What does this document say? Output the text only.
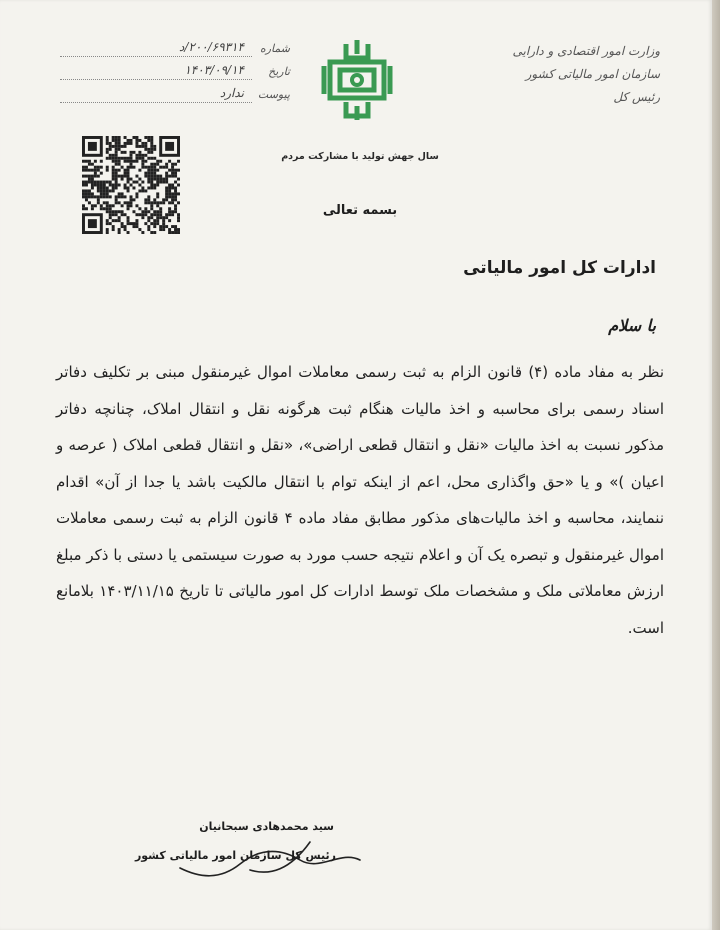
وزارت امور اقتصادی و دارایی
سازمان امور مالیاتی کشور
رئیس کل
سال جهش تولید با مشارکت مردم
شماره
۲۰۰/۶۹۳۱۴/د
تاریخ
۱۴۰۳/۰۹/۱۴
پیوست
ندارد
بسمه تعالی
ادارات کل امور مالیاتی
با سلام
نظر به مفاد ماده (۴) قانون الزام به ثبت رسمی معاملات اموال غیرمنقول مبنی بر تکلیف دفاتر اسناد رسمی برای محاسبه و اخذ مالیات هنگام ثبت هرگونه نقل و انتقال املاک، چنانچه دفاتر مذکور نسبت به اخذ مالیات «نقل و انتقال قطعی اراضی»، «نقل و انتقال قطعی املاک ( عرصه و اعیان )» و یا «حق واگذاری محل، اعم از اینکه توام با انتقال مالکیت باشد یا جدا از آن» اقدام ننمایند، محاسبه و اخذ مالیات‌های مذکور مطابق مفاد ماده ۴ قانون الزام به ثبت رسمی معاملات اموال غیرمنقول و تبصره یک آن و اعلام نتیجه حسب مورد به صورت سیستمی یا دستی با ذکر مبلغ ارزش معاملاتی ملک و مشخصات ملک توسط ادارات کل امور مالیاتی تا تاریخ ۱۴۰۳/۱۱/۱۵ بلامانع است.
سید محمدهادی سبحانیان
رئیس کل سازمان امور مالیاتی کشور
